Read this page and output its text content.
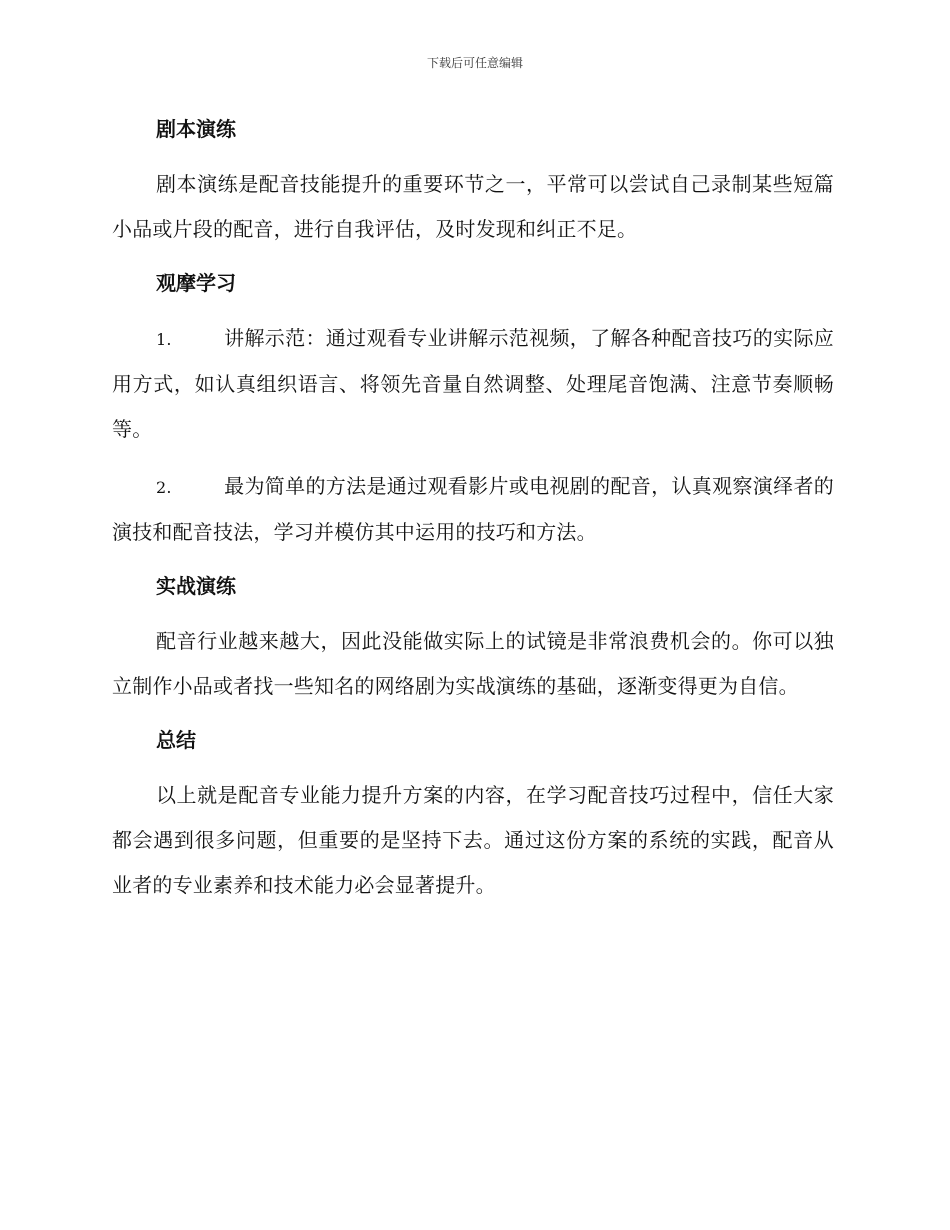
下载后可任意编辑
剧本演练

剧本演练是配音技能提升的重要环节之一，平常可以尝试自己录制某些短篇小品或片段的配音，进行自我评估，及时发现和纠正不足。

观摩学习

1.	讲解示范：通过观看专业讲解示范视频，了解各种配音技巧的实际应用方式，如认真组织语言、将领先音量自然调整、处理尾音饱满、注意节奏顺畅等。

2.	最为简单的方法是通过观看影片或电视剧的配音，认真观察演绎者的演技和配音技法，学习并模仿其中运用的技巧和方法。

实战演练

配音行业越来越大，因此没能做实际上的试镜是非常浪费机会的。你可以独立制作小品或者找一些知名的网络剧为实战演练的基础，逐渐变得更为自信。

总结

以上就是配音专业能力提升方案的内容，在学习配音技巧过程中，信任大家都会遇到很多问题，但重要的是坚持下去。通过这份方案的系统的实践，配音从业者的专业素养和技术能力必会显著提升。
